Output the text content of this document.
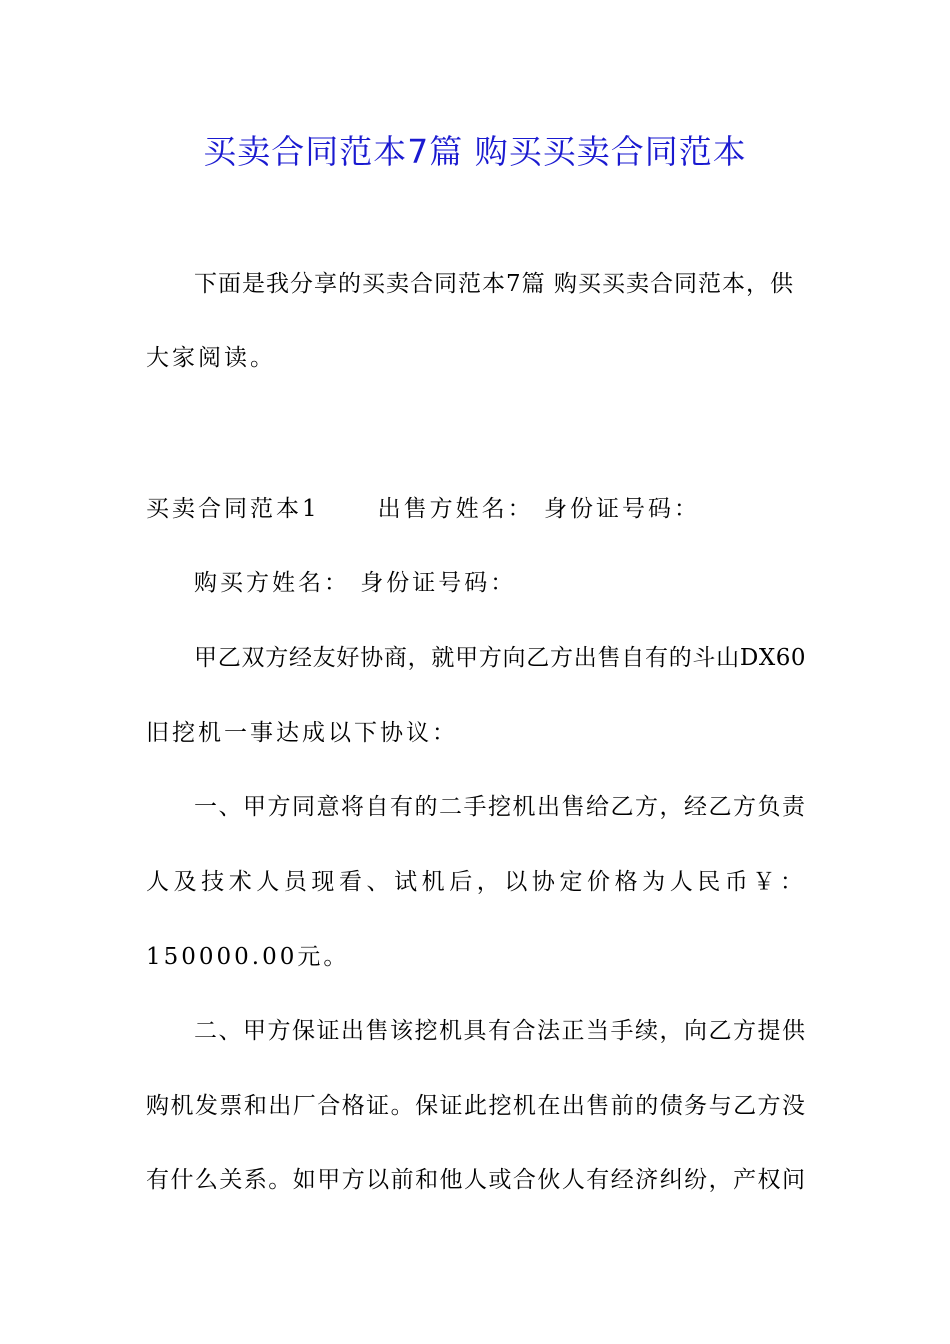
买卖合同范本7篇 购买买卖合同范本
下面是我分享的买卖合同范本7篇 购买买卖合同范本，供
大家阅读。
买卖合同范本1	出售方姓名： 身份证号码：
购买方姓名： 身份证号码：
甲乙双方经友好协商，就甲方向乙方出售自有的斗山DX60
旧挖机一事达成以下协议：
一、甲方同意将自有的二手挖机出售给乙方，经乙方负责
人及技术人员现看、试机后，以协定价格为人民币￥：
150000.00元。
二、甲方保证出售该挖机具有合法正当手续，向乙方提供
购机发票和出厂合格证。保证此挖机在出售前的债务与乙方没
有什么关系。如甲方以前和他人或合伙人有经济纠纷，产权问
